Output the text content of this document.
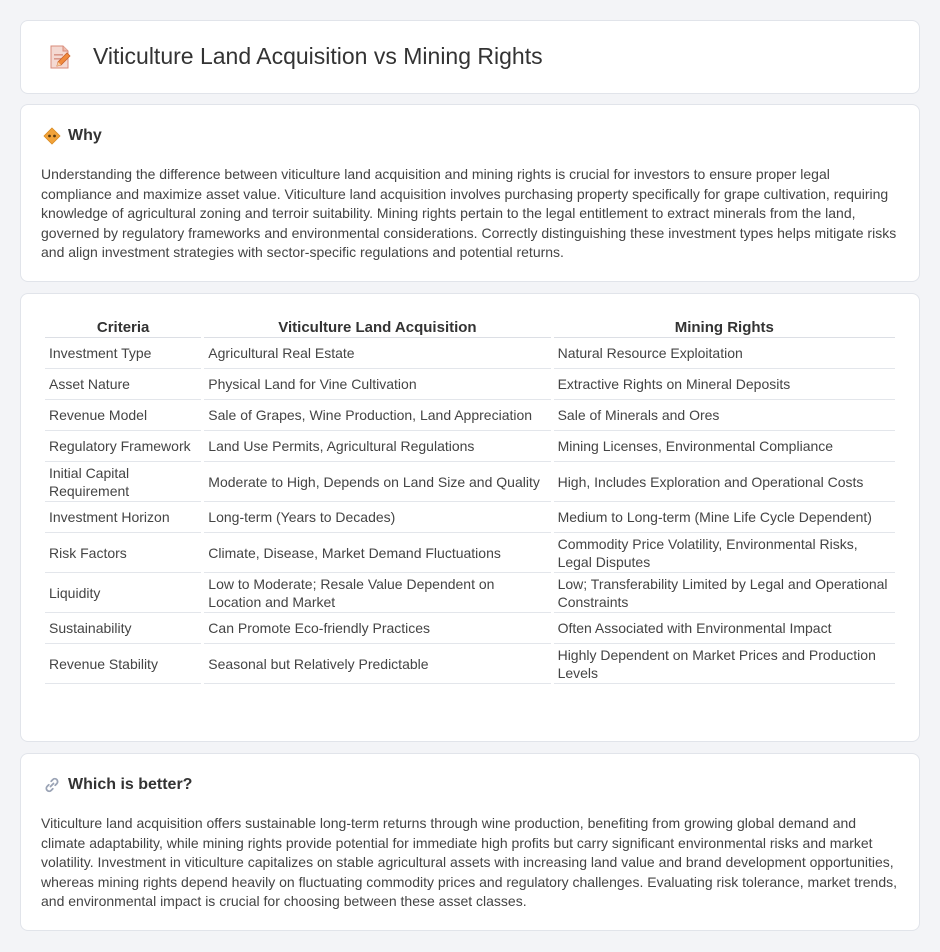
Viticulture Land Acquisition vs Mining Rights
Why

Understanding the difference between viticulture land acquisition and mining rights is crucial for investors to ensure proper legal compliance and maximize asset value. Viticulture land acquisition involves purchasing property specifically for grape cultivation, requiring knowledge of agricultural zoning and terroir suitability. Mining rights pertain to the legal entitlement to extract minerals from the land, governed by regulatory frameworks and environmental considerations. Correctly distinguishing these investment types helps mitigate risks and align investment strategies with sector-specific regulations and potential returns.

Criteria	Viticulture Land Acquisition	Mining Rights
Investment Type	Agricultural Real Estate	Natural Resource Exploitation
Asset Nature	Physical Land for Vine Cultivation	Extractive Rights on Mineral Deposits
Revenue Model	Sale of Grapes, Wine Production, Land Appreciation	Sale of Minerals and Ores
Regulatory Framework	Land Use Permits, Agricultural Regulations	Mining Licenses, Environmental Compliance
Initial Capital Requirement	Moderate to High, Depends on Land Size and Quality	High, Includes Exploration and Operational Costs
Investment Horizon	Long-term (Years to Decades)	Medium to Long-term (Mine Life Cycle Dependent)
Risk Factors	Climate, Disease, Market Demand Fluctuations	Commodity Price Volatility, Environmental Risks, Legal Disputes
Liquidity	Low to Moderate; Resale Value Dependent on Location and Market	Low; Transferability Limited by Legal and Operational Constraints
Sustainability	Can Promote Eco-friendly Practices	Often Associated with Environmental Impact
Revenue Stability	Seasonal but Relatively Predictable	Highly Dependent on Market Prices and Production Levels
Which is better?

Viticulture land acquisition offers sustainable long-term returns through wine production, benefiting from growing global demand and climate adaptability, while mining rights provide potential for immediate high profits but carry significant environmental risks and market volatility. Investment in viticulture capitalizes on stable agricultural assets with increasing land value and brand development opportunities, whereas mining rights depend heavily on fluctuating commodity prices and regulatory challenges. Evaluating risk tolerance, market trends, and environmental impact is crucial for choosing between these asset classes.
